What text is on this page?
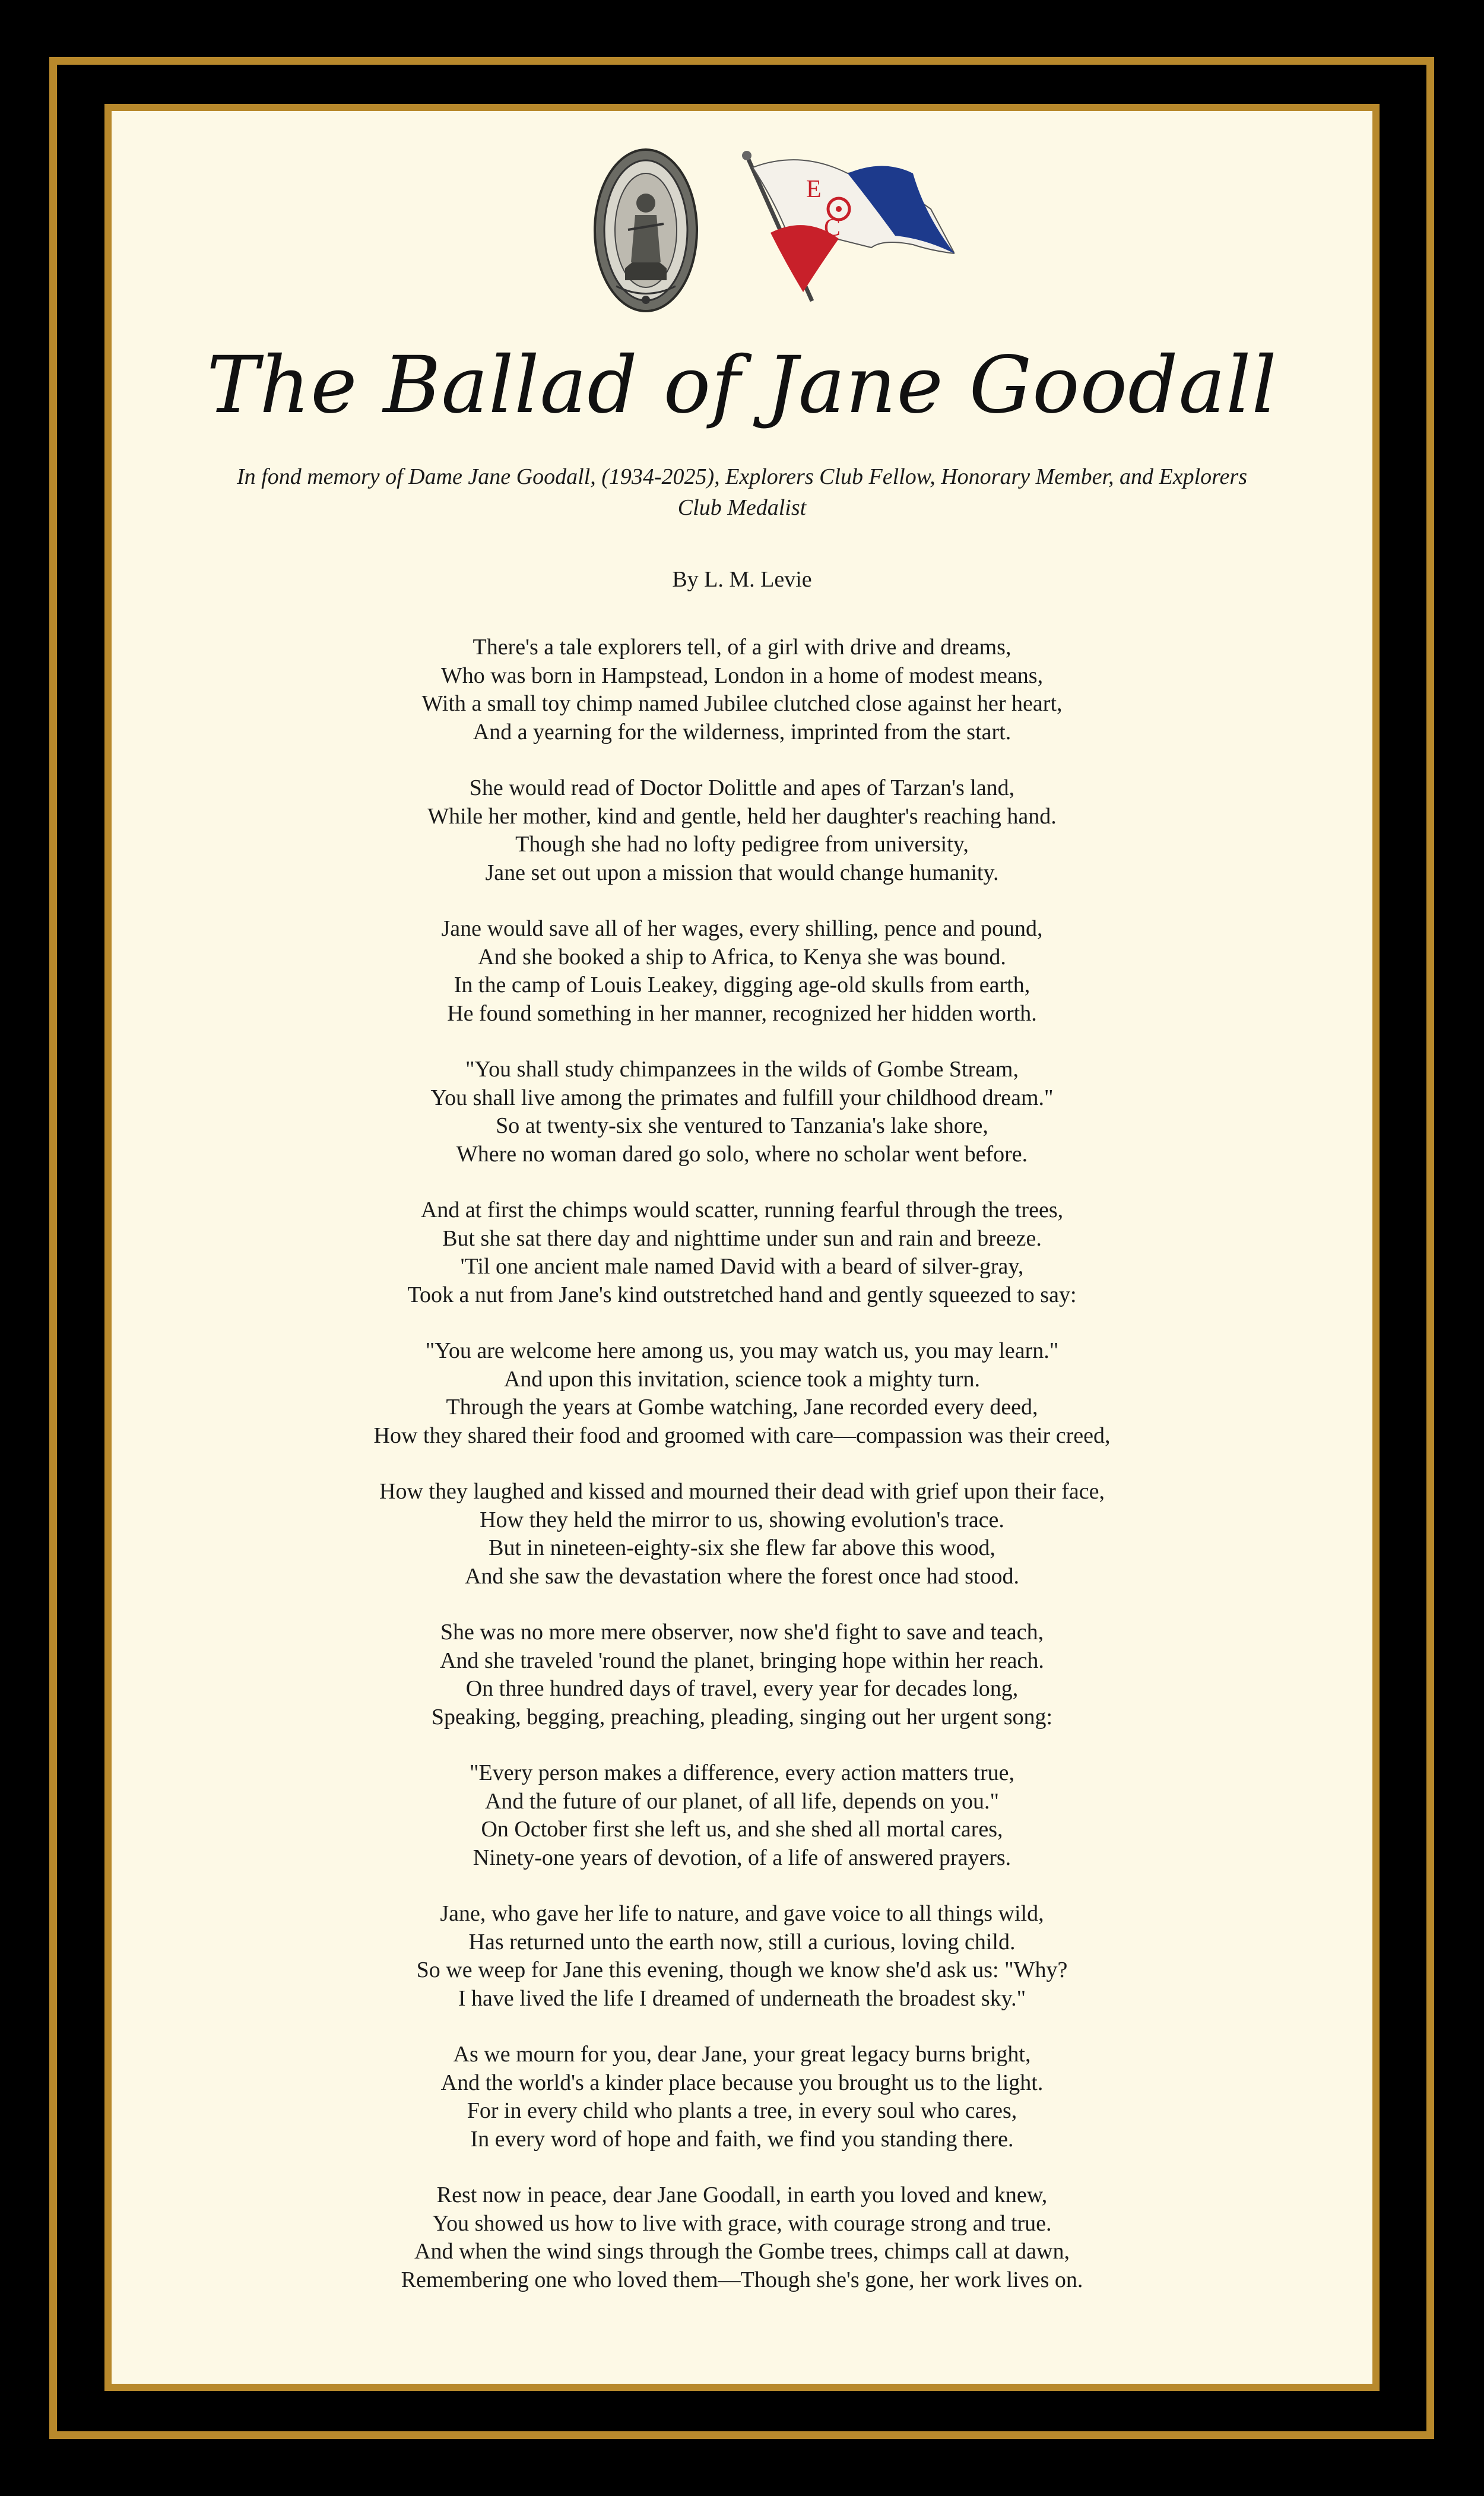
E
C
The Ballad of Jane Goodall
In fond memory of Dame Jane Goodall, (1934-2025), Explorers Club Fellow, Honorary Member, and Explorers Club Medalist
By L. M. Levie
There's a tale explorers tell, of a girl with drive and dreams,
Who was born in Hampstead, London in a home of modest means,
With a small toy chimp named Jubilee clutched close against her heart,
And a yearning for the wilderness, imprinted from the start.
She would read of Doctor Dolittle and apes of Tarzan's land,
While her mother, kind and gentle, held her daughter's reaching hand.
Though she had no lofty pedigree from university,
Jane set out upon a mission that would change humanity.
Jane would save all of her wages, every shilling, pence and pound,
And she booked a ship to Africa, to Kenya she was bound.
In the camp of Louis Leakey, digging age-old skulls from earth,
He found something in her manner, recognized her hidden worth.
"You shall study chimpanzees in the wilds of Gombe Stream,
You shall live among the primates and fulfill your childhood dream."
So at twenty-six she ventured to Tanzania's lake shore,
Where no woman dared go solo, where no scholar went before.
And at first the chimps would scatter, running fearful through the trees,
But she sat there day and nighttime under sun and rain and breeze.
'Til one ancient male named David with a beard of silver-gray,
Took a nut from Jane's kind outstretched hand and gently squeezed to say:
"You are welcome here among us, you may watch us, you may learn."
And upon this invitation, science took a mighty turn.
Through the years at Gombe watching, Jane recorded every deed,
How they shared their food and groomed with care—compassion was their creed,
How they laughed and kissed and mourned their dead with grief upon their face,
How they held the mirror to us, showing evolution's trace.
But in nineteen-eighty-six she flew far above this wood,
And she saw the devastation where the forest once had stood.
She was no more mere observer, now she'd fight to save and teach,
And she traveled 'round the planet, bringing hope within her reach.
On three hundred days of travel, every year for decades long,
Speaking, begging, preaching, pleading, singing out her urgent song:
"Every person makes a difference, every action matters true,
And the future of our planet, of all life, depends on you."
On October first she left us, and she shed all mortal cares,
Ninety-one years of devotion, of a life of answered prayers.
Jane, who gave her life to nature, and gave voice to all things wild,
Has returned unto the earth now, still a curious, loving child.
So we weep for Jane this evening, though we know she'd ask us: "Why?
I have lived the life I dreamed of underneath the broadest sky."
As we mourn for you, dear Jane, your great legacy burns bright,
And the world's a kinder place because you brought us to the light.
For in every child who plants a tree, in every soul who cares,
In every word of hope and faith, we find you standing there.
Rest now in peace, dear Jane Goodall, in earth you loved and knew,
You showed us how to live with grace, with courage strong and true.
And when the wind sings through the Gombe trees, chimps call at dawn,
Remembering one who loved them—Though she's gone, her work lives on.
